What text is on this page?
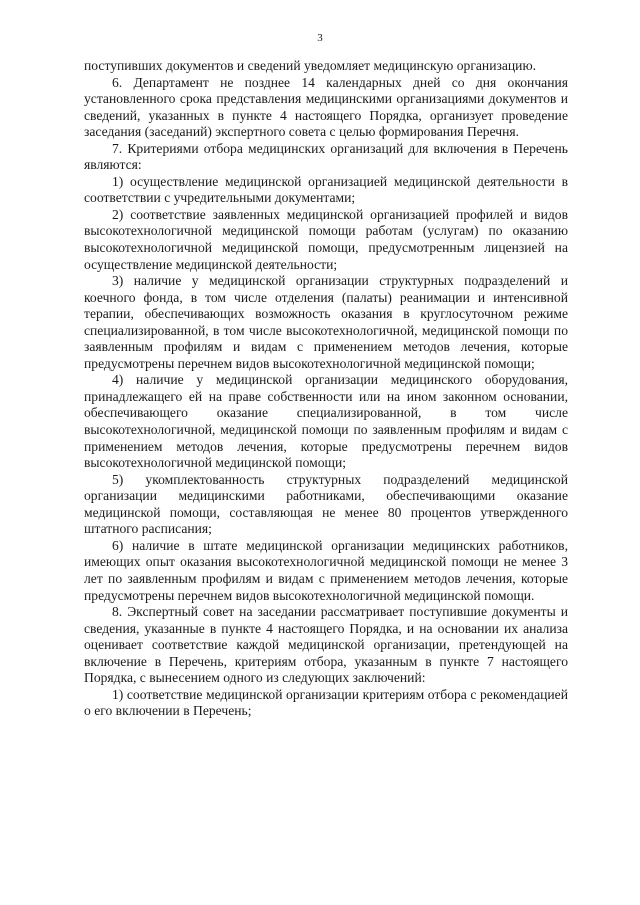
3

поступивших документов и сведений уведомляет медицинскую организацию.

6. Департамент не позднее 14 календарных дней со дня окончания установленного срока представления медицинскими организациями документов и сведений, указанных в пункте 4 настоящего Порядка, организует проведение заседания (заседаний) экспертного совета с целью формирования Перечня.

7. Критериями отбора медицинских организаций для включения в Перечень являются:

1) осуществление медицинской организацией медицинской деятельности в соответствии с учредительными документами;

2) соответствие заявленных медицинской организацией профилей и видов высокотехнологичной медицинской помощи работам (услугам) по оказанию высокотехнологичной медицинской помощи, предусмотренным лицензией на осуществление медицинской деятельности;

3) наличие у медицинской организации структурных подразделений и коечного фонда, в том числе отделения (палаты) реанимации и интенсивной терапии, обеспечивающих возможность оказания в круглосуточном режиме специализированной, в том числе высокотехнологичной, медицинской помощи по заявленным профилям и видам с применением методов лечения, которые предусмотрены перечнем видов высокотехнологичной медицинской помощи;

4) наличие у медицинской организации медицинского оборудования, принадлежащего ей на праве собственности или на ином законном основании, обеспечивающего оказание специализированной, в том числе высокотехнологичной, медицинской помощи по заявленным профилям и видам с применением методов лечения, которые предусмотрены перечнем видов высокотехнологичной медицинской помощи;

5) укомплектованность структурных подразделений медицинской организации медицинскими работниками, обеспечивающими оказание медицинской помощи, составляющая не менее 80 процентов утвержденного штатного расписания;

6) наличие в штате медицинской организации медицинских работников, имеющих опыт оказания высокотехнологичной медицинской помощи не менее 3 лет по заявленным профилям и видам с применением методов лечения, которые предусмотрены перечнем видов высокотехнологичной медицинской помощи.

8. Экспертный совет на заседании рассматривает поступившие документы и сведения, указанные в пункте 4 настоящего Порядка, и на основании их анализа оценивает соответствие каждой медицинской организации, претендующей на включение в Перечень, критериям отбора, указанным в пункте 7 настоящего Порядка, с вынесением одного из следующих заключений:

1) соответствие медицинской организации критериям отбора с рекомендацией о его включении в Перечень;
